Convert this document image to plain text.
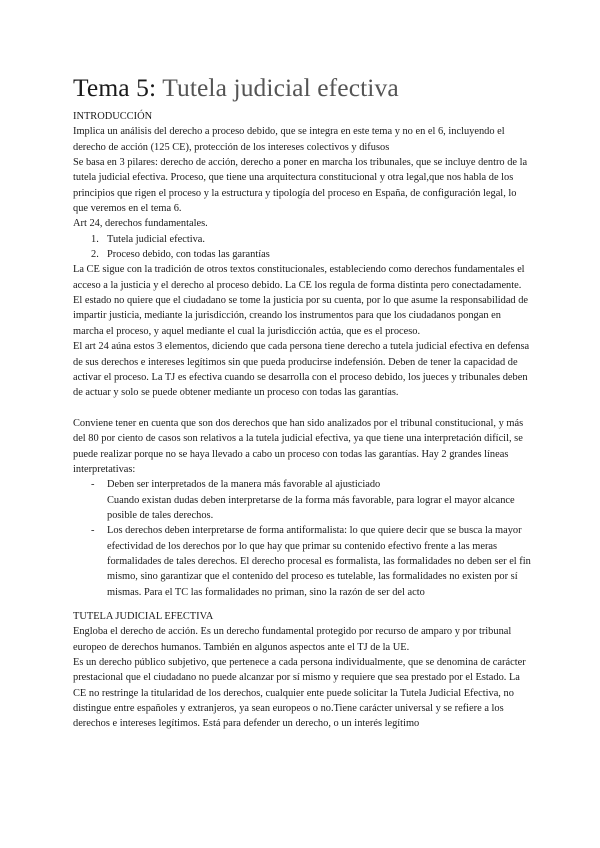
Tema 5: Tutela judicial efectiva
INTRODUCCIÓN

Implica un análisis del derecho a proceso debido, que se integra en este tema y no en el 6, incluyendo el derecho de acción (125 CE), protección de los intereses colectivos y difusos

Se basa en 3 pilares: derecho de acción, derecho a poner en marcha los tribunales, que se incluye dentro de la tutela judicial efectiva. Proceso, que tiene una arquitectura constitucional y otra legal,que nos habla de los principios que rigen el proceso y la estructura y tipología del proceso en España, de configuración legal, lo que veremos en el tema 6.

Art 24, derechos fundamentales.

1. Tutela judicial efectiva.
2. Proceso debido, con todas las garantías

La CE sigue con la tradición de otros textos constitucionales, estableciendo como derechos fundamentales el acceso a la justicia y el derecho al proceso debido. La CE los regula de forma distinta pero conectadamente. El estado no quiere que el ciudadano se tome la justicia por su cuenta, por lo que asume la responsabilidad de impartir justicia, mediante la jurisdicción, creando los instrumentos para que los ciudadanos pongan en marcha el proceso, y aquel mediante el cual la jurisdicción actúa, que es el proceso.

El art 24 aúna estos 3 elementos, diciendo que cada persona tiene derecho a tutela judicial efectiva en defensa de sus derechos e intereses legítimos sin que pueda producirse indefensión. Deben de tener la capacidad de activar el proceso. La TJ es efectiva cuando se desarrolla con el proceso debido, los jueces y tribunales deben de actuar y solo se puede obtener mediante un proceso con todas las garantías.

Conviene tener en cuenta que son dos derechos que han sido analizados por el tribunal constitucional, y más del 80 por ciento de casos son relativos a la tutela judicial efectiva, ya que tiene una interpretación difícil, se puede realizar porque no se haya llevado a cabo un proceso con todas las garantías. Hay 2 grandes líneas interpretativas:

- Deben ser interpretados de la manera más favorable al ajusticiado
Cuando existan dudas deben interpretarse de la forma más favorable, para lograr el mayor alcance posible de tales derechos.
- Los derechos deben interpretarse de forma antiformalista: lo que quiere decir que se busca la mayor efectividad de los derechos por lo que hay que primar su contenido efectivo frente a las meras formalidades de tales derechos. El derecho procesal es formalista, las formalidades no deben ser el fin mismo, sino garantizar que el contenido del proceso es tutelable, las formalidades no existen por sí mismas. Para el TC las formalidades no priman, sino la razón de ser del acto
TUTELA JUDICIAL EFECTIVA

Engloba el derecho de acción. Es un derecho fundamental protegido por recurso de amparo y por tribunal europeo de derechos humanos. También en algunos aspectos ante el TJ de la UE.

Es un derecho público subjetivo, que pertenece a cada persona individualmente, que se denomina de carácter prestacional que el ciudadano no puede alcanzar por sí mismo y requiere que sea prestado por el Estado. La CE no restringe la titularidad de los derechos, cualquier ente puede solicitar la Tutela Judicial Efectiva, no distingue entre españoles y extranjeros, ya sean europeos o no.Tiene carácter universal y se refiere a los derechos e intereses legítimos. Está para defender un derecho, o un interés legítimo
